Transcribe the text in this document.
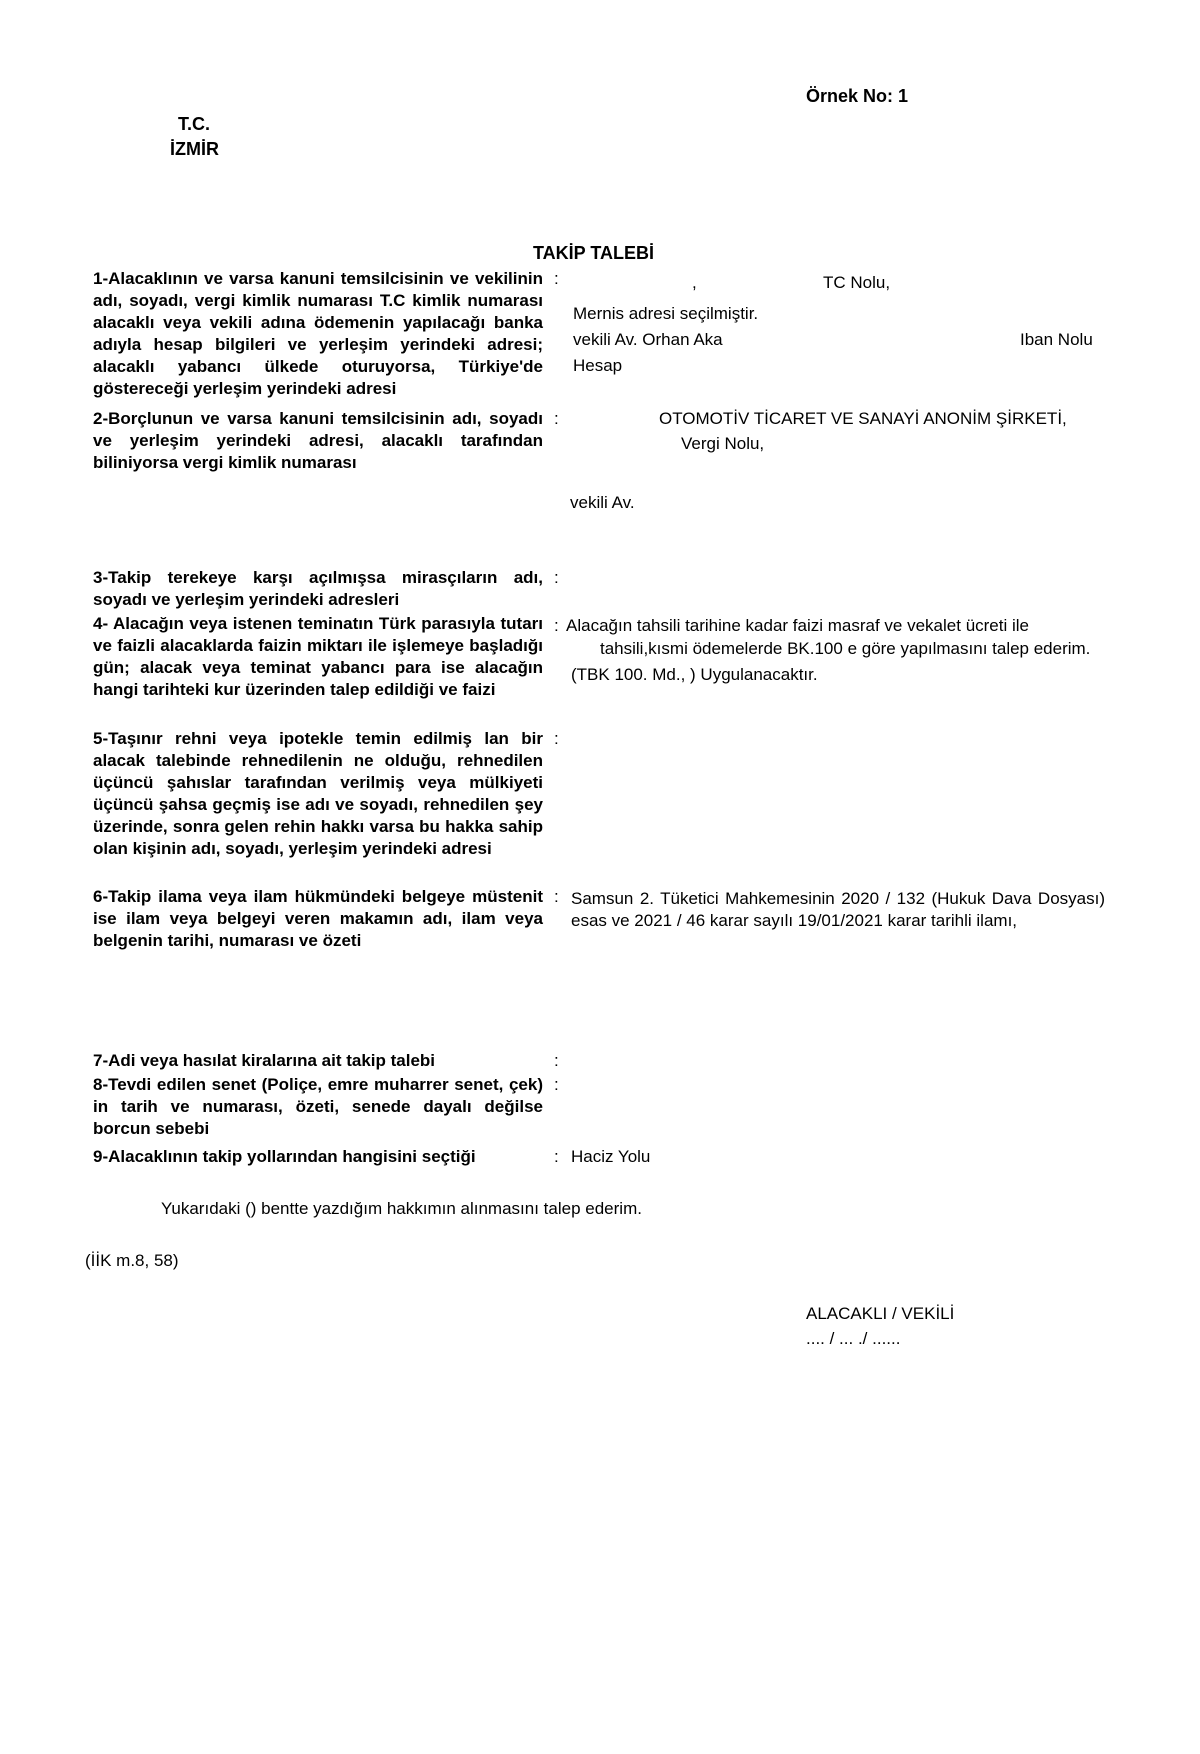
Örnek No: 1
T.C.
İZMİR
TAKİP TALEBİ
1-Alacaklının ve varsa kanuni temsilcisinin ve vekilinin adı, soyadı, vergi kimlik numarası T.C kimlik numarası alacaklı veya vekili adına ödemenin yapılacağı banka adıyla hesap bilgileri ve yerleşim yerindeki adresi; alacaklı yabancı ülkede oturuyorsa, Türkiye'de göstereceği yerleşim yerindeki adresi
:	,	TC Nolu,
Mernis adresi seçilmiştir.
vekili Av. Orhan Aka	Iban Nolu
Hesap
2-Borçlunun ve varsa kanuni temsilcisinin adı, soyadı ve yerleşim yerindeki adresi, alacaklı tarafından biliniyorsa vergi kimlik numarası
:	OTOMOTİV TİCARET VE SANAYİ ANONİM ŞİRKETİ,
Vergi Nolu,
vekili Av.
3-Takip terekeye karşı açılmışsa mirasçıların adı, soyadı ve yerleşim yerindeki adresleri
:
4- Alacağın veya istenen teminatın Türk parasıyla tutarı ve faizli alacaklarda faizin miktarı ile işlemeye başladığı gün; alacak veya teminat yabancı para ise alacağın hangi tarihteki kur üzerinden talep edildiği ve faizi
: Alacağın tahsili tarihine kadar faizi masraf ve vekalet ücreti ile
tahsili,kısmi ödemelerde BK.100 e göre yapılmasını talep ederim.
(TBK 100. Md., ) Uygulanacaktır.
5-Taşınır rehni veya ipotekle temin edilmiş lan bir alacak talebinde rehnedilenin ne olduğu, rehnedilen üçüncü şahıslar tarafından verilmiş veya mülkiyeti üçüncü şahsa geçmiş ise adı ve soyadı, rehnedilen şey üzerinde, sonra gelen rehin hakkı varsa bu hakka sahip olan kişinin adı, soyadı, yerleşim yerindeki adresi
:
6-Takip ilama veya ilam hükmündeki belgeye müstenit ise ilam veya belgeyi veren makamın adı, ilam veya belgenin tarihi, numarası ve özeti
: Samsun 2. Tüketici Mahkemesinin 2020 / 132 (Hukuk Dava Dosyası) esas ve 2021 / 46 karar sayılı 19/01/2021 karar tarihli ilamı,
7-Adi veya hasılat kiralarına ait takip talebi	:
8-Tevdi edilen senet (Poliçe, emre muharrer senet, çek) in tarih ve numarası, özeti, senede dayalı değilse borcun sebebi
:
9-Alacaklının takip yollarından hangisini seçtiği	: Haciz Yolu
Yukarıdaki () bentte yazdığım hakkımın alınmasını talep ederim.
(İİK m.8, 58)
ALACAKLI / VEKİLİ
.... / ... ./ ......
